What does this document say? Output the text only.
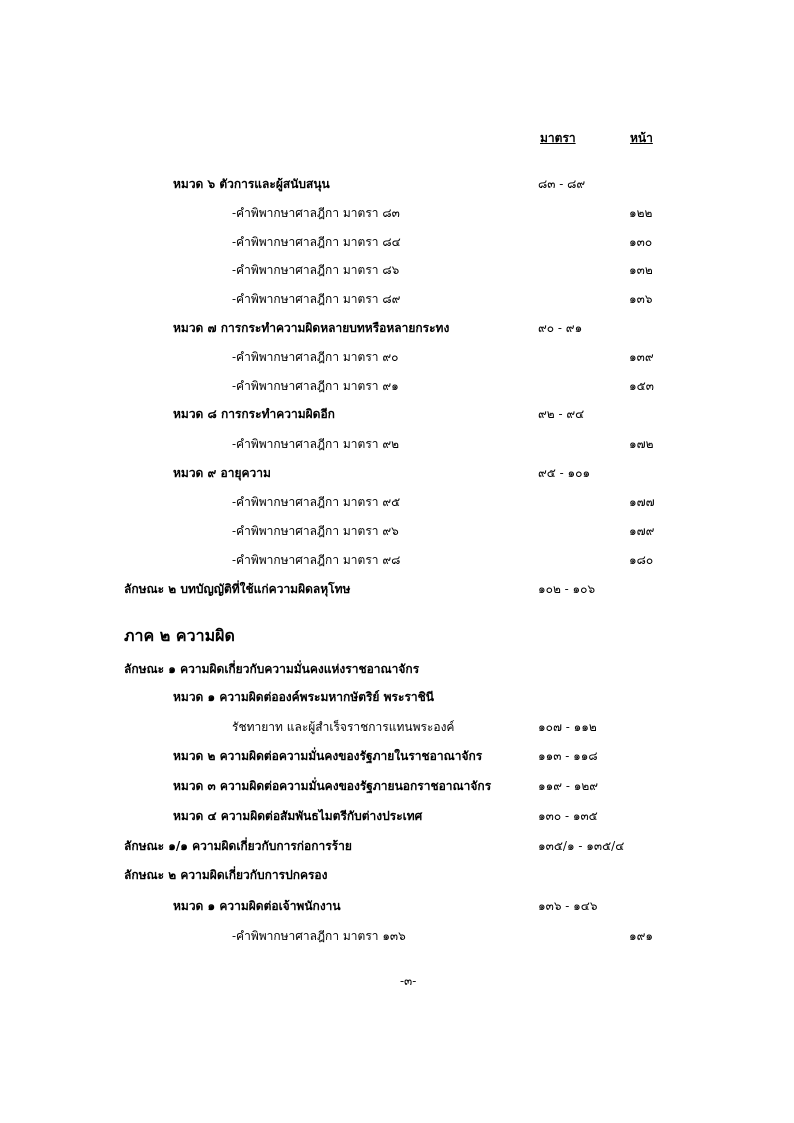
มาตรา	หน้า
หมวด ๖ ตัวการและผู้สนับสนุน	๘๓ - ๘๙
-คำพิพากษาศาลฎีกา มาตรา ๘๓	๑๒๒
-คำพิพากษาศาลฎีกา มาตรา ๘๔	๑๓๐
-คำพิพากษาศาลฎีกา มาตรา ๘๖	๑๓๒
-คำพิพากษาศาลฎีกา มาตรา ๘๙	๑๓๖
หมวด ๗ การกระทำความผิดหลายบทหรือหลายกระทง	๙๐ - ๙๑
-คำพิพากษาศาลฎีกา มาตรา ๙๐	๑๓๙
-คำพิพากษาศาลฎีกา มาตรา ๙๑	๑๕๓
หมวด ๘ การกระทำความผิดอีก	๙๒ - ๙๔
-คำพิพากษาศาลฎีกา มาตรา ๙๒	๑๗๒
หมวด ๙ อายุความ	๙๕ - ๑๐๑
-คำพิพากษาศาลฎีกา มาตรา ๙๕	๑๗๗
-คำพิพากษาศาลฎีกา มาตรา ๙๖	๑๗๙
-คำพิพากษาศาลฎีกา มาตรา ๙๘	๑๘๐
ลักษณะ ๒ บทบัญญัติที่ใช้แก่ความผิดลหุโทษ	๑๐๒ - ๑๐๖
ภาค ๒ ความผิด
ลักษณะ ๑ ความผิดเกี่ยวกับความมั่นคงแห่งราชอาณาจักร
หมวด ๑ ความผิดต่อองค์พระมหากษัตริย์ พระราชินี
รัชทายาท และผู้สำเร็จราชการแทนพระองค์	๑๐๗ - ๑๑๒
หมวด ๒ ความผิดต่อความมั่นคงของรัฐภายในราชอาณาจักร	๑๑๓ - ๑๑๘
หมวด ๓ ความผิดต่อความมั่นคงของรัฐภายนอกราชอาณาจักร	๑๑๙ - ๑๒๙
หมวด ๔ ความผิดต่อสัมพันธไมตรีกับต่างประเทศ	๑๓๐ - ๑๓๕
ลักษณะ ๑/๑ ความผิดเกี่ยวกับการก่อการร้าย	๑๓๕/๑ - ๑๓๕/๔
ลักษณะ ๒ ความผิดเกี่ยวกับการปกครอง
หมวด ๑ ความผิดต่อเจ้าพนักงาน	๑๓๖ - ๑๔๖
-คำพิพากษาศาลฎีกา มาตรา ๑๓๖	๑๙๑
-๓-
